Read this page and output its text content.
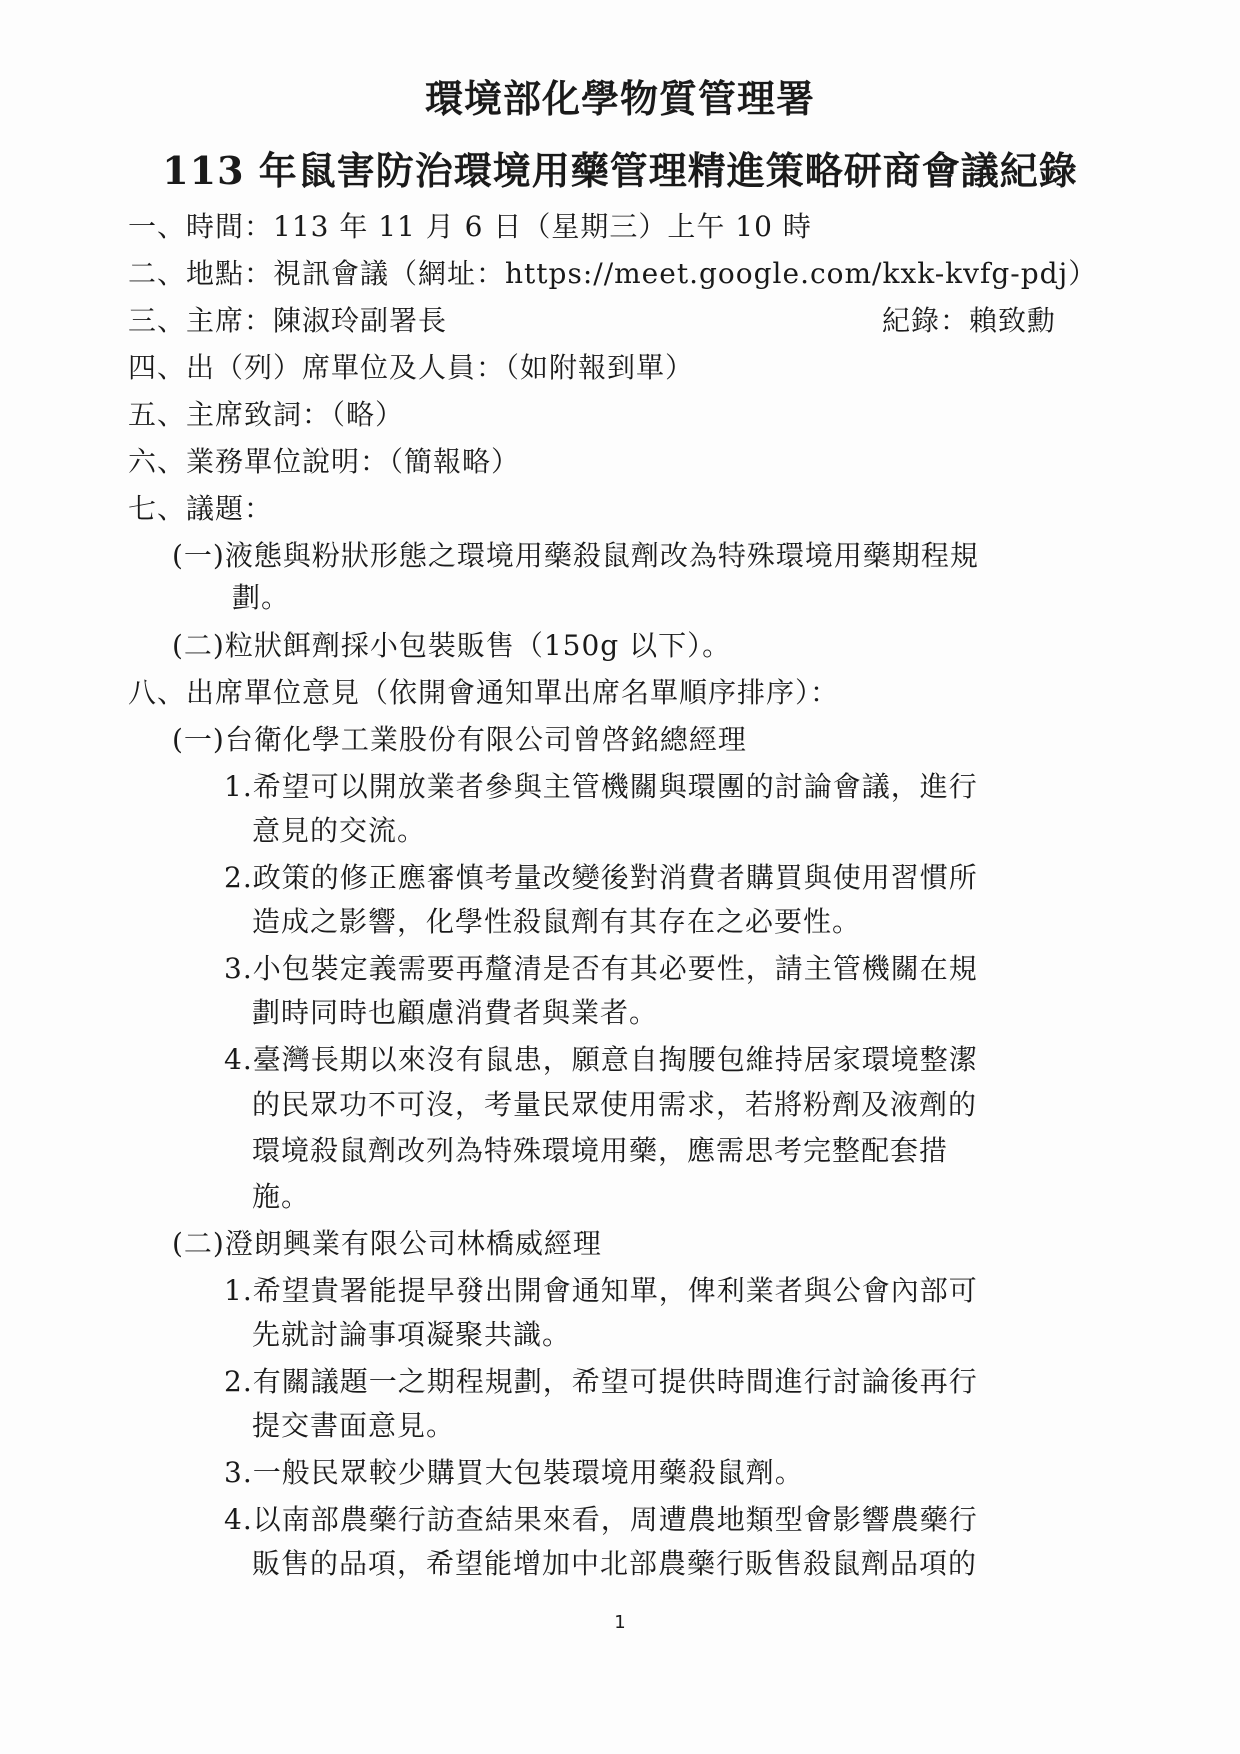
環境部化學物質管理署
113 年鼠害防治環境用藥管理精進策略研商會議紀錄
一、時間：113 年 11 月 6 日（星期三）上午 10 時
二、地點：視訊會議（網址：https://meet.google.com/kxk-kvfg-pdj）
三、主席：陳淑玲副署長	紀錄：賴致勳
四、出（列）席單位及人員：（如附報到單）
五、主席致詞：（略）
六、業務單位說明：（簡報略）
七、議題：
(一)液態與粉狀形態之環境用藥殺鼠劑改為特殊環境用藥期程規
劃。
(二)粒狀餌劑採小包裝販售（150g 以下）。
八、出席單位意見（依開會通知單出席名單順序排序）：
(一)台衛化學工業股份有限公司曾啓銘總經理
1.希望可以開放業者參與主管機關與環團的討論會議，進行
意見的交流。
2.政策的修正應審慎考量改變後對消費者購買與使用習慣所
造成之影響，化學性殺鼠劑有其存在之必要性。
3.小包裝定義需要再釐清是否有其必要性，請主管機關在規
劃時同時也顧慮消費者與業者。
4.臺灣長期以來沒有鼠患，願意自掏腰包維持居家環境整潔
的民眾功不可沒，考量民眾使用需求，若將粉劑及液劑的
環境殺鼠劑改列為特殊環境用藥，應需思考完整配套措
施。
(二)澄朗興業有限公司林橋威經理
1.希望貴署能提早發出開會通知單，俾利業者與公會內部可
先就討論事項凝聚共識。
2.有關議題一之期程規劃，希望可提供時間進行討論後再行
提交書面意見。
3.一般民眾較少購買大包裝環境用藥殺鼠劑。
4.以南部農藥行訪查結果來看，周遭農地類型會影響農藥行
販售的品項，希望能增加中北部農藥行販售殺鼠劑品項的
1
